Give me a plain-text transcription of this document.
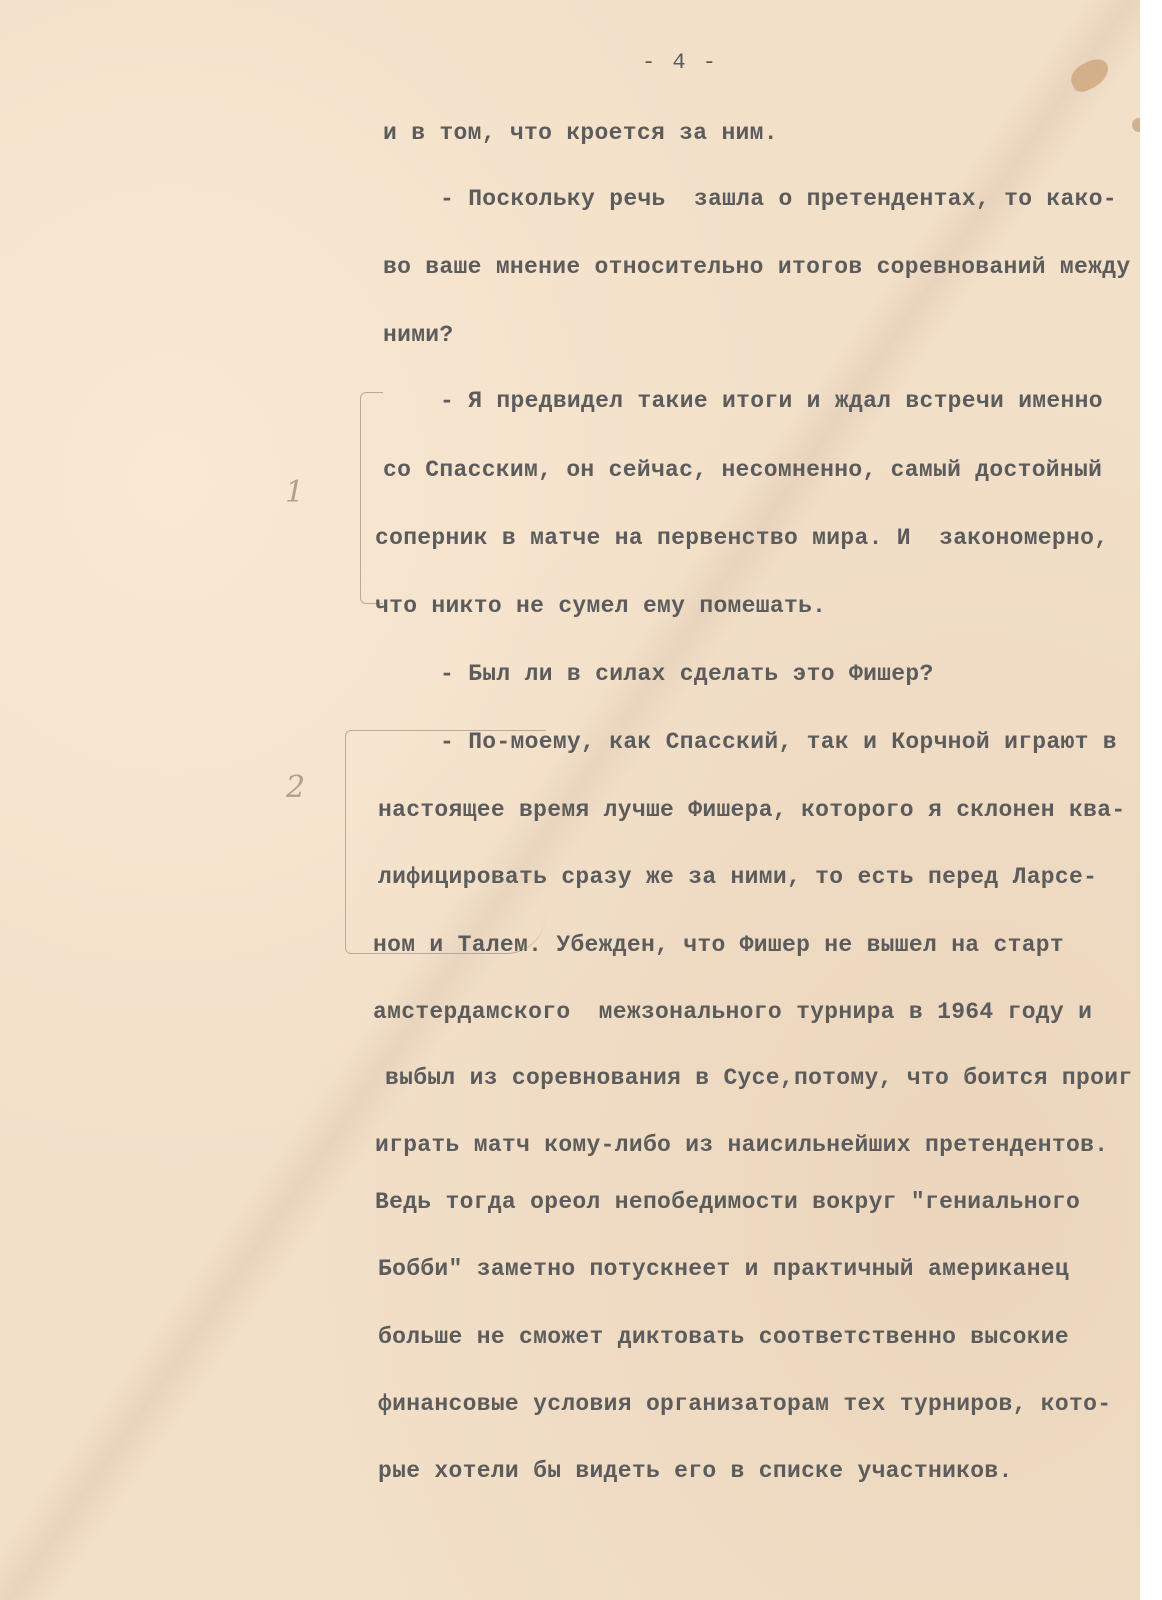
- 4 -
1
2
и в том, что кроется за ним.
- Поскольку речь  зашла о претендентах, то како-
во ваше мнение относительно итогов соревнований между
ними?
- Я предвидел такие итоги и ждал встречи именно
со Спасским, он сейчас, несомненно, самый достойный
соперник в матче на первенство мира. И  закономерно,
что никто не сумел ему помешать.
- Был ли в силах сделать это Фишер?
- По-моему, как Спасский, так и Корчной играют в
настоящее время лучше Фишера, которого я склонен ква-
лифицировать сразу же за ними, то есть перед Ларсе-
ном и Талем. Убежден, что Фишер не вышел на старт
амстердамского  межзонального турнира в 1964 году и
выбыл из соревнования в Сусе,потому, что боится проиг
играть матч кому-либо из наисильнейших претендентов.
Ведь тогда ореол непобедимости вокруг "гениального
Бобби" заметно потускнеет и практичный американец
больше не сможет диктовать соответственно высокие
финансовые условия организаторам тех турниров, кото-
рые хотели бы видеть его в списке участников.
